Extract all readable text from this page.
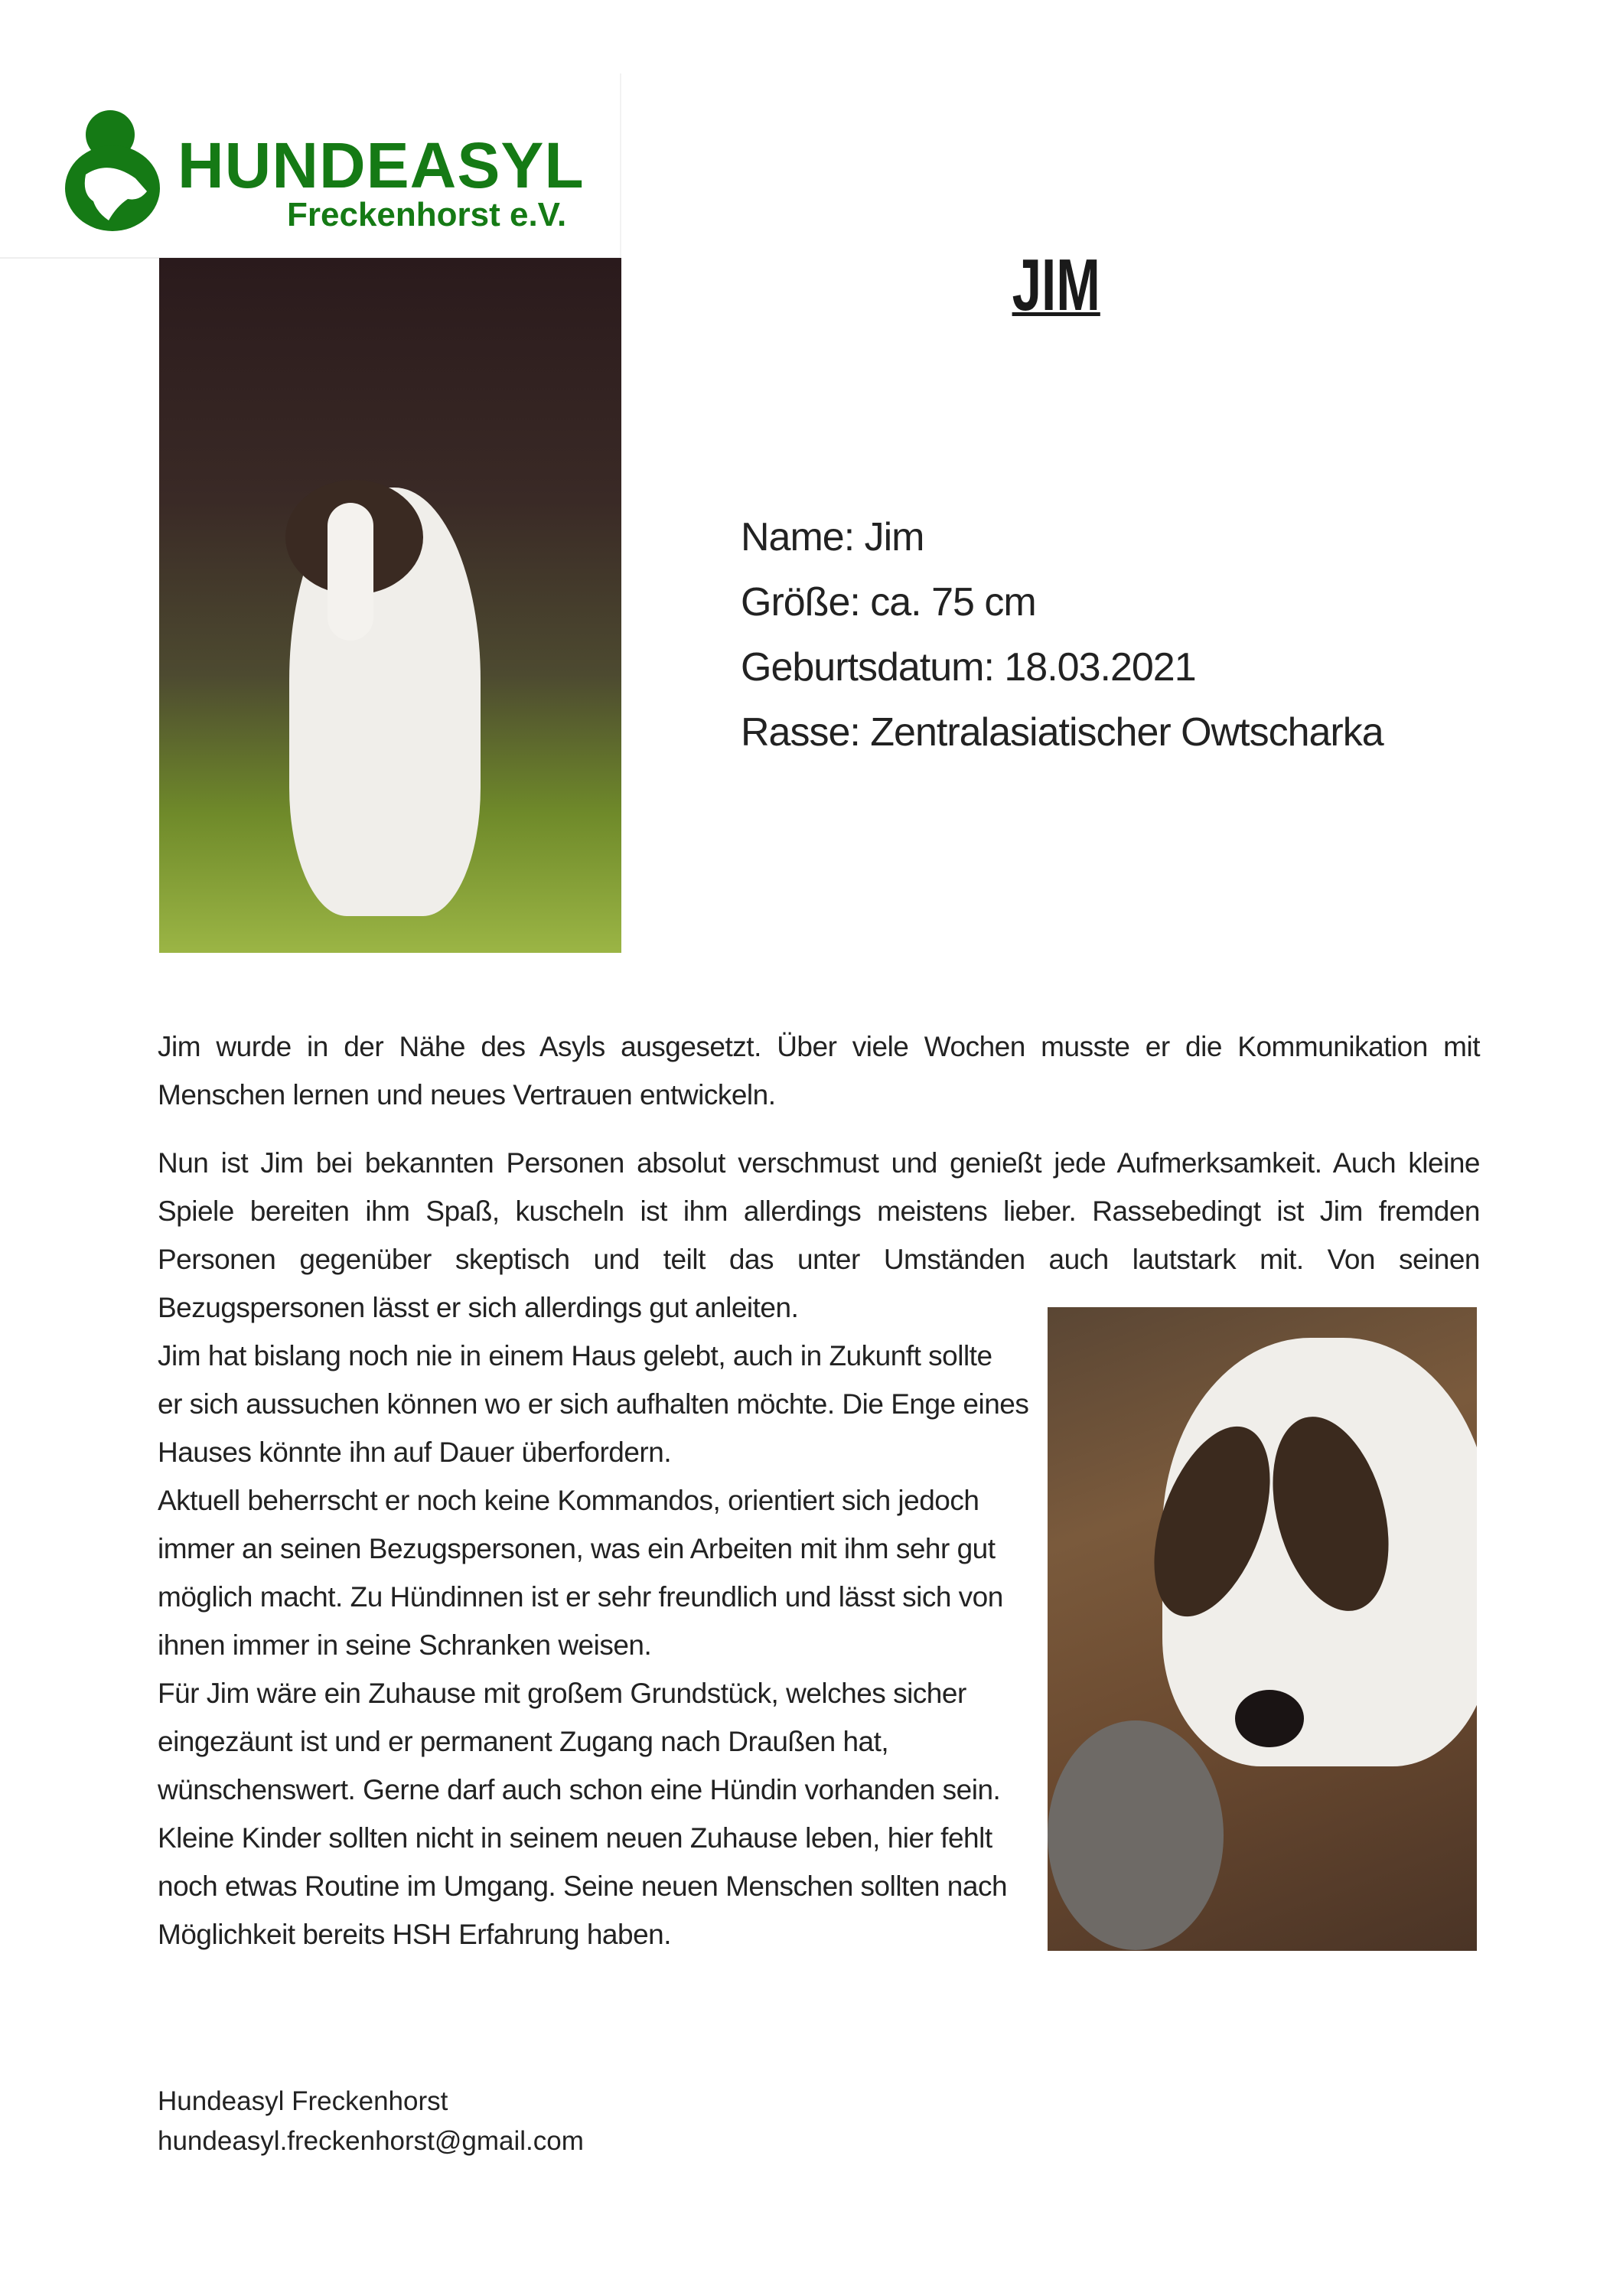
HUNDEASYL
Freckenhorst e.V.
JIM
Name: Jim
Größe: ca. 75 cm
Geburtsdatum: 18.03.2021
Rasse: Zentralasiatischer Owtscharka
Jim wurde in der Nähe des Asyls ausgesetzt. Über viele Wochen musste er die Kommunikation mit
Menschen lernen und neues Vertrauen entwickeln.
Nun ist Jim bei bekannten Personen absolut verschmust und genießt jede Aufmerksamkeit. Auch kleine
Spiele bereiten ihm Spaß, kuscheln ist ihm allerdings meistens lieber. Rassebedingt ist Jim fremden
Personen gegenüber skeptisch und teilt das unter Umständen auch lautstark mit. Von seinen
Bezugspersonen lässt er sich allerdings gut anleiten.
Jim hat bislang noch nie in einem Haus gelebt, auch in Zukunft sollte
er sich aussuchen können wo er sich aufhalten möchte. Die Enge eines
Hauses könnte ihn auf Dauer überfordern.
Aktuell beherrscht er noch keine Kommandos, orientiert sich jedoch
immer an seinen Bezugspersonen, was ein Arbeiten mit ihm sehr gut
möglich macht. Zu Hündinnen ist er sehr freundlich und lässt sich von
ihnen immer in seine Schranken weisen.
Für Jim wäre ein Zuhause mit großem Grundstück, welches sicher
eingezäunt ist und er permanent Zugang nach Draußen hat,
wünschenswert. Gerne darf auch schon eine Hündin vorhanden sein.
Kleine Kinder sollten nicht in seinem neuen Zuhause leben, hier fehlt
noch etwas Routine im Umgang. Seine neuen Menschen sollten nach
Möglichkeit bereits HSH Erfahrung haben.
Hundeasyl Freckenhorst
hundeasyl.freckenhorst@gmail.com
